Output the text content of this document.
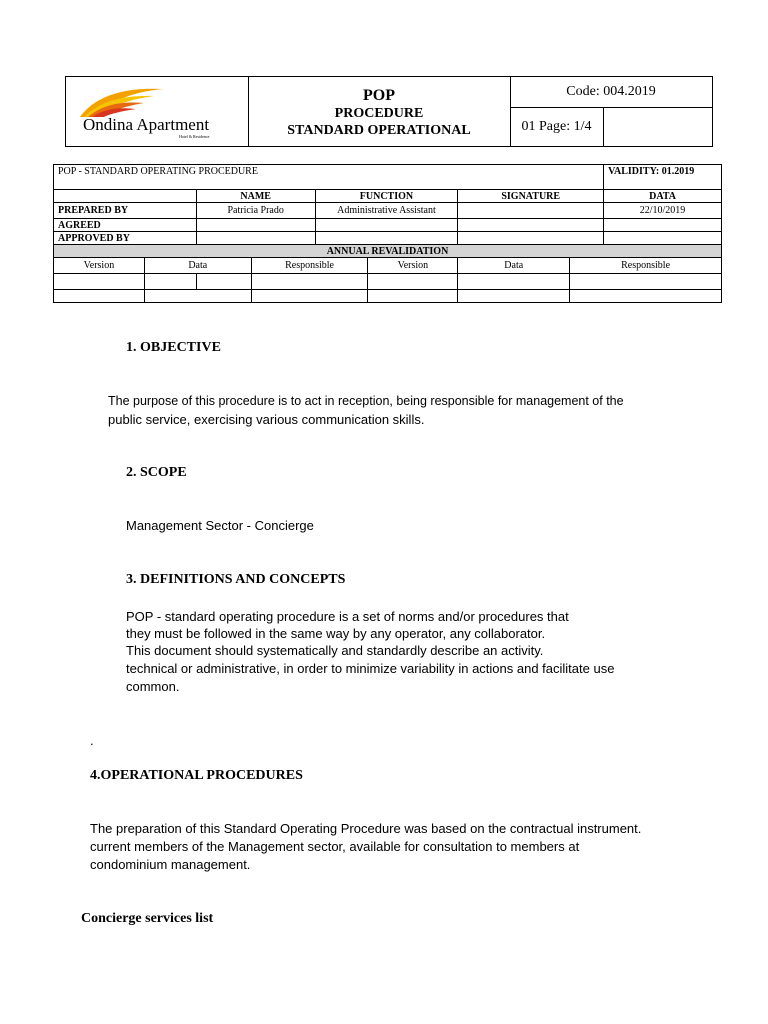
Ondina Apartment
Hotel & Residence
POP
PROCEDURE
STANDARD OPERATIONAL
Code: 004.2019
01 Page: 1/4
POP - STANDARD OPERATING PROCEDURE								VALIDITY: 01.2019
		NAME		FUNCTION		SIGNATURE		DATA
PREPARED BY		Patricia Prado		Administrative Assistant				22/10/2019
AGREED								
APPROVED BY								
ANNUAL REVALIDATION								
Version	Data		Responsible		Version	Data	Responsible	

1. OBJECTIVE
The purpose of this procedure is to act in reception, being responsible for management of the
public service, exercising various communication skills.
2. SCOPE
Management Sector - Concierge
3. DEFINITIONS AND CONCEPTS
POP - standard operating procedure is a set of norms and/or procedures that
they must be followed in the same way by any operator, any collaborator.
This document should systematically and standardly describe an activity.
technical or administrative, in order to minimize variability in actions and facilitate use
common.
.
4.OPERATIONAL PROCEDURES
The preparation of this Standard Operating Procedure was based on the contractual instrument.
current members of the Management sector, available for consultation to members at
condominium management.
Concierge services list
